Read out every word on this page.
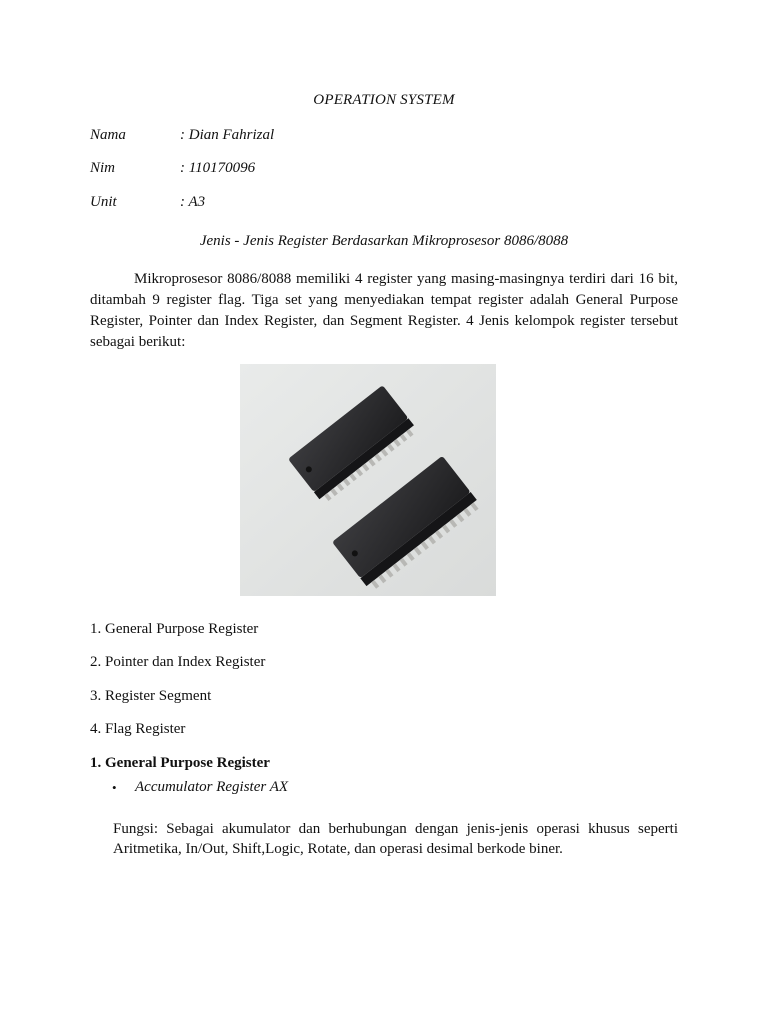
OPERATION SYSTEM
Nama	: Dian Fahrizal
Nim	: 110170096
Unit	: A3
Jenis - Jenis Register Berdasarkan Mikroprosesor 8086/8088

Mikroprosesor 8086/8088 memiliki 4 register yang masing-masingnya terdiri dari 16 bit, ditambah 9 register flag. Tiga set yang menyediakan tempat register adalah General Purpose Register, Pointer dan Index Register, dan Segment Register. 4 Jenis kelompok register tersebut sebagai berikut:

1. General Purpose Register
2. Pointer dan Index Register
3. Register Segment
4. Flag Register
1. General Purpose Register
• Accumulator Register AX

Fungsi: Sebagai akumulator dan berhubungan dengan jenis-jenis operasi khusus seperti Aritmetika, In/Out, Shift,Logic, Rotate, dan operasi desimal berkode biner.
